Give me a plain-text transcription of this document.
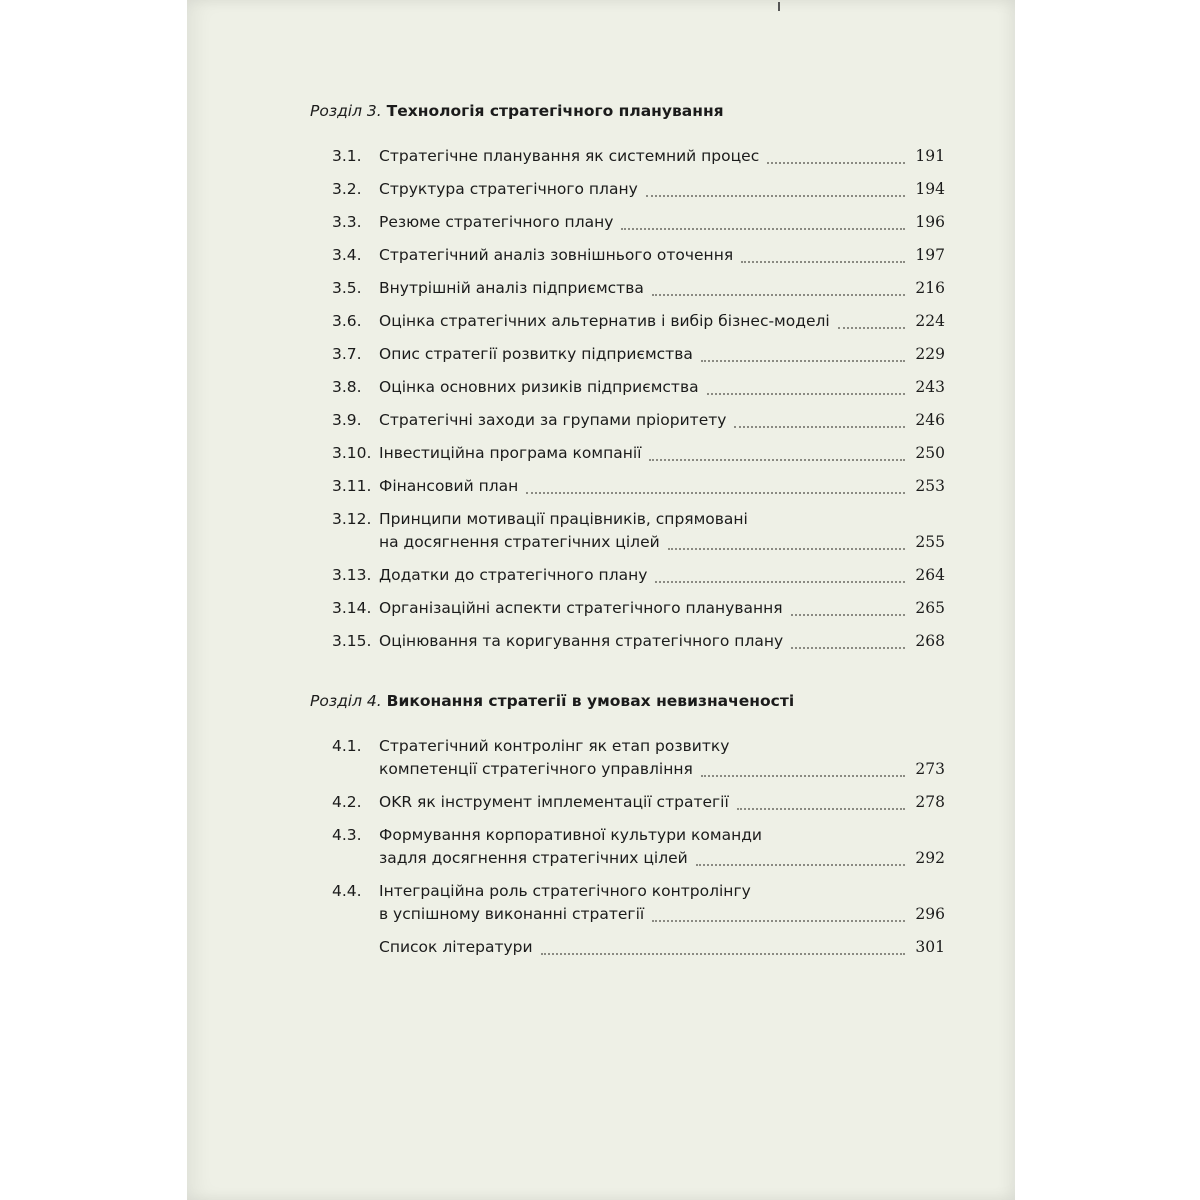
Розділ 3. Технологія стратегічного планування
Розділ 4. Виконання стратегії в умовах невизначеності
3.1. Стратегічне планування як системний процес	191
3.2. Структура стратегічного плану	194
3.3. Резюме стратегічного плану	196
3.4. Стратегічний аналіз зовнішнього оточення	197
3.5. Внутрішній аналіз підприємства	216
3.6. Оцінка стратегічних альтернатив і вибір бізнес-моделі	224
3.7. Опис стратегії розвитку підприємства	229
3.8. Оцінка основних ризиків підприємства	243
3.9. Стратегічні заходи за групами пріоритету	246
3.10. Інвестиційна програма компанії	250
3.11. Фінансовий план	253
3.12. Принципи мотивації працівників, спрямовані
на досягнення стратегічних цілей	255
3.13. Додатки до стратегічного плану	264
3.14. Організаційні аспекти стратегічного планування	265
3.15. Оцінювання та коригування стратегічного плану	268
4.1. Стратегічний контролінг як етап розвитку
компетенції стратегічного управління	273
4.2. OKR як інструмент імплементації стратегії	278
4.3. Формування корпоративної культури команди
задля досягнення стратегічних цілей	292
4.4. Інтеграційна роль стратегічного контролінгу
в успішному виконанні стратегії	296
Список літератури	301
